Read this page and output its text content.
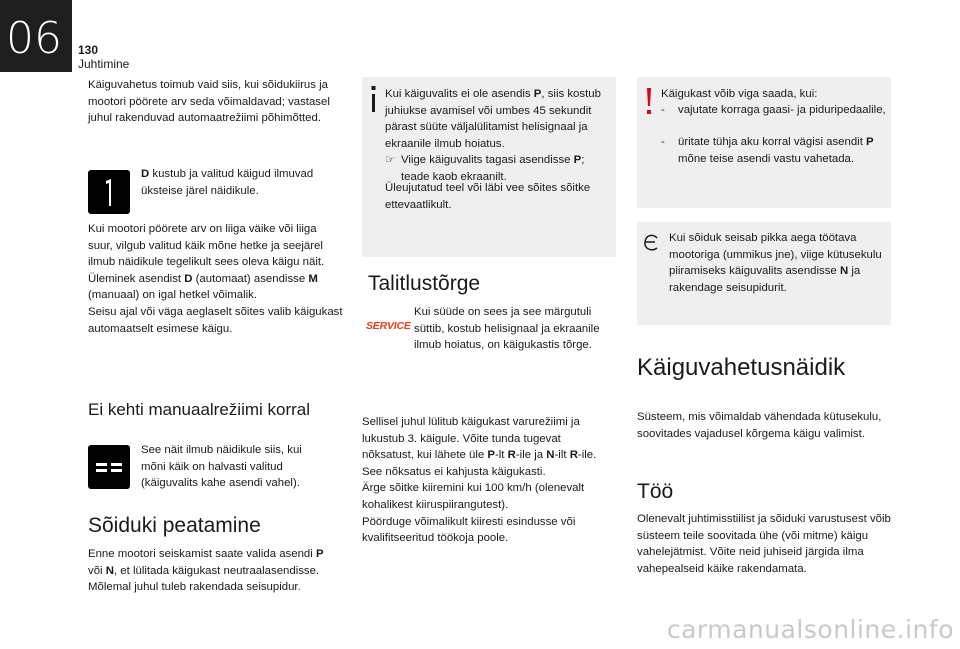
06	130
Juhtimine

Käiguvahetus toimub vaid siis, kui sõidukiirus ja mootori pöörete arv seda võimaldavad; vastasel juhul rakenduvad automaatrežiimi põhimõtted.

D kustub ja valitud käigud ilmuvad
üksteise järel näidikule.

Kui mootori pöörete arv on liiga väike või liiga suur, vilgub valitud käik mõne hetke ja seejärel ilmub näidikule tegelikult sees oleva käigu näit.
Üleminek asendist D (automaat) asendisse M (manuaal) on igal hetkel võimalik.
Seisu ajal või väga aeglaselt sõites valib käigukast automaatselt esimese käigu.

Ei kehti manuaalrežiimi korral

See näit ilmub näidikule siis, kui mõni käik on halvasti valitud (käiguvalits kahe asendi vahel).

Sõiduki peatamine

Enne mootori seiskamist saate valida asendi P
või N, et lülitada käigukast neutraalasendisse.
Mõlemal juhul tuleb rakendada seisupidur.

Kui käiguvalits ei ole asendis P, siis kostub juhiukse avamisel või umbes 45 sekundit pärast süüte väljalülitamist helisignaal ja ekraanile ilmub hoiatus.

☞ Viige käiguvalits tagasi asendisse P; teade kaob ekraanilt.

Üleujutatud teel või läbi vee sõites sõitke ettevaatlikult.

Talitlustõrge
SERVICE

Kui süüde on sees ja see märgutuli süttib, kostub helisignaal ja ekraanile ilmub hoiatus, on käigukastis tõrge.

Sellisel juhul lülitub käigukast varurežiimi ja lukustub 3. käigule. Võite tunda tugevat nõksatust, kui lähete üle P-lt R-ile ja N-ilt R-ile. See nõksatus ei kahjusta käigukasti.
Ärge sõitke kiiremini kui 100 km/h (olenevalt kohalikest kiiruspiirangutest).
Pöörduge võimalikult kiiresti esindusse või kvalifitseeritud töökoja poole.

Käigukast võib viga saada, kui:

-	vajutate korraga gaasi- ja piduripedaalile,
-	üritate tühja aku korral vägisi asendit P mõne teise asendi vastu vahetada.

Kui sõiduk seisab pikka aega töötava mootoriga (ummikus jne), viige kütusekulu piiramiseks käiguvalits asendisse N ja rakendage seisupidurit.

Käiguvahetusnäidik

Süsteem, mis võimaldab vähendada kütusekulu, soovitades vajadusel kõrgema käigu valimist.

Töö

Olenevalt juhtimisstiilist ja sõiduki varustusest võib süsteem teile soovitada ühe (või mitme) käigu vahelejätmist. Võite neid juhiseid järgida ilma vahepealseid käike rakendamata.

carmanualsonline.info
